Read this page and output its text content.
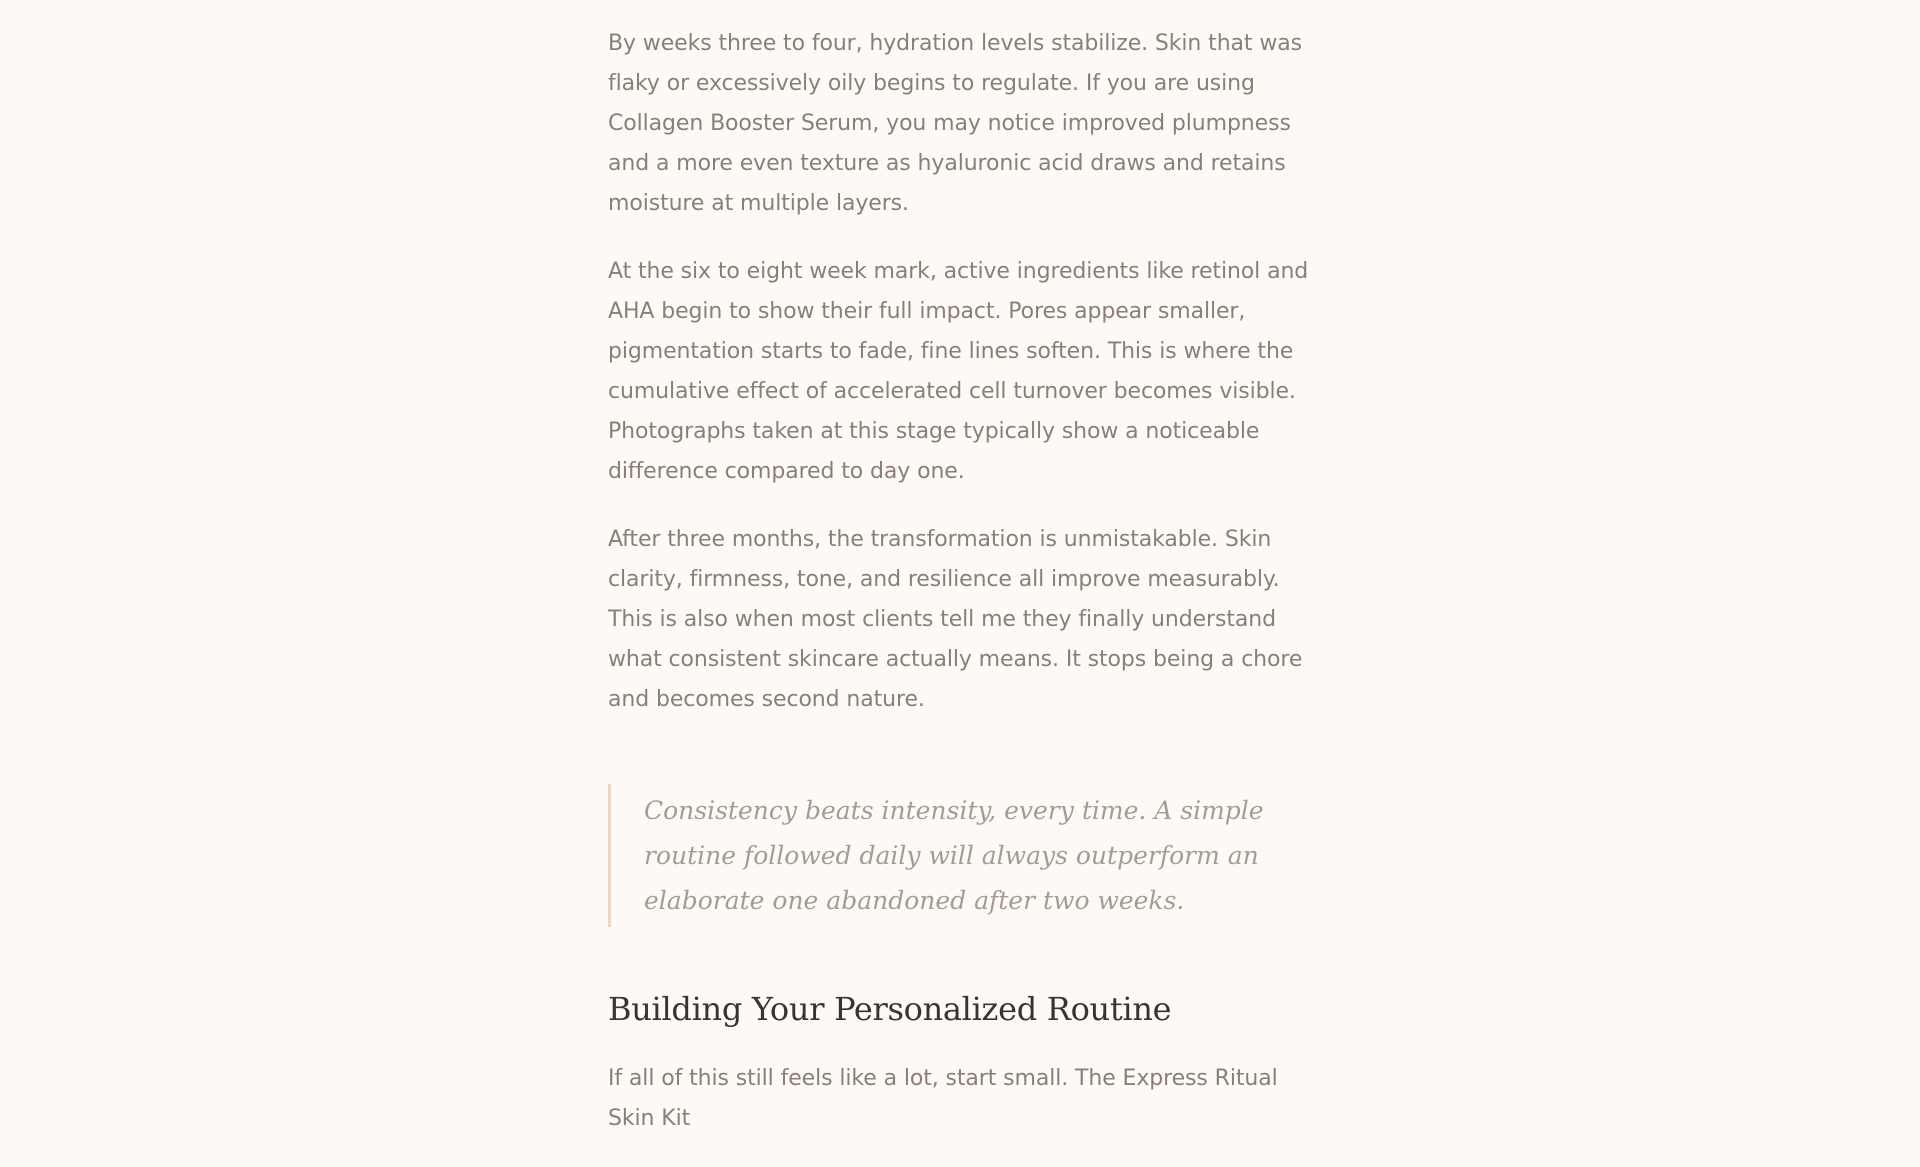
By weeks three to four, hydration levels stabilize. Skin that was flaky or excessively oily begins to regulate. If you are using Collagen Booster Serum, you may notice improved plumpness and a more even texture as hyaluronic acid draws and retains moisture at multiple layers.

At the six to eight week mark, active ingredients like retinol and AHA begin to show their full impact. Pores appear smaller, pigmentation starts to fade, fine lines soften. This is where the cumulative effect of accelerated cell turnover becomes visible. Photographs taken at this stage typically show a noticeable difference compared to day one.

After three months, the transformation is unmistakable. Skin clarity, firmness, tone, and resilience all improve measurably. This is also when most clients tell me they finally understand what consistent skincare actually means. It stops being a chore and becomes second nature.

Consistency beats intensity, every time. A simple routine followed daily will always outperform an elaborate one abandoned after two weeks.
Building Your Personalized Routine

If all of this still feels like a lot, start small. The Express Ritual Skin Kit
